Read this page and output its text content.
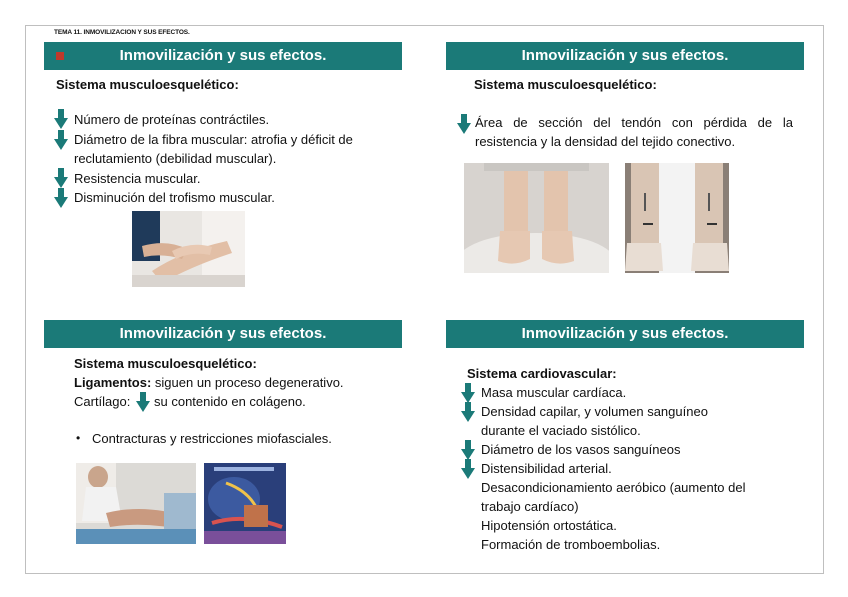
TEMA 11. INMOVILIZACION Y SUS EFECTOS.
Inmovilización y sus efectos.
Sistema musculoesquelético:
Número de proteínas contráctiles.
Diámetro de la fibra muscular: atrofia y déficit de
reclutamiento (debilidad muscular).
Resistencia muscular.
Disminución del trofismo muscular.
Inmovilización y sus efectos.
Sistema musculoesquelético:
Área de sección del tendón con pérdida de la
resistencia y la densidad del tejido conectivo.
Inmovilización y sus efectos.
Sistema musculoesquelético:
Ligamentos: siguen un proceso degenerativo.
Cartílago: su contenido en colágeno.
• Contracturas y restricciones miofasciales.
Inmovilización y sus efectos.
Sistema cardiovascular:
Masa muscular cardíaca.
Densidad capilar, y volumen sanguíneo
durante el vaciado sistólico.
Diámetro de los vasos sanguíneos
Distensibilidad arterial.
Desacondicionamiento aeróbico (aumento del
trabajo cardíaco)
Hipotensión ortostática.
Formación de tromboembolias.
